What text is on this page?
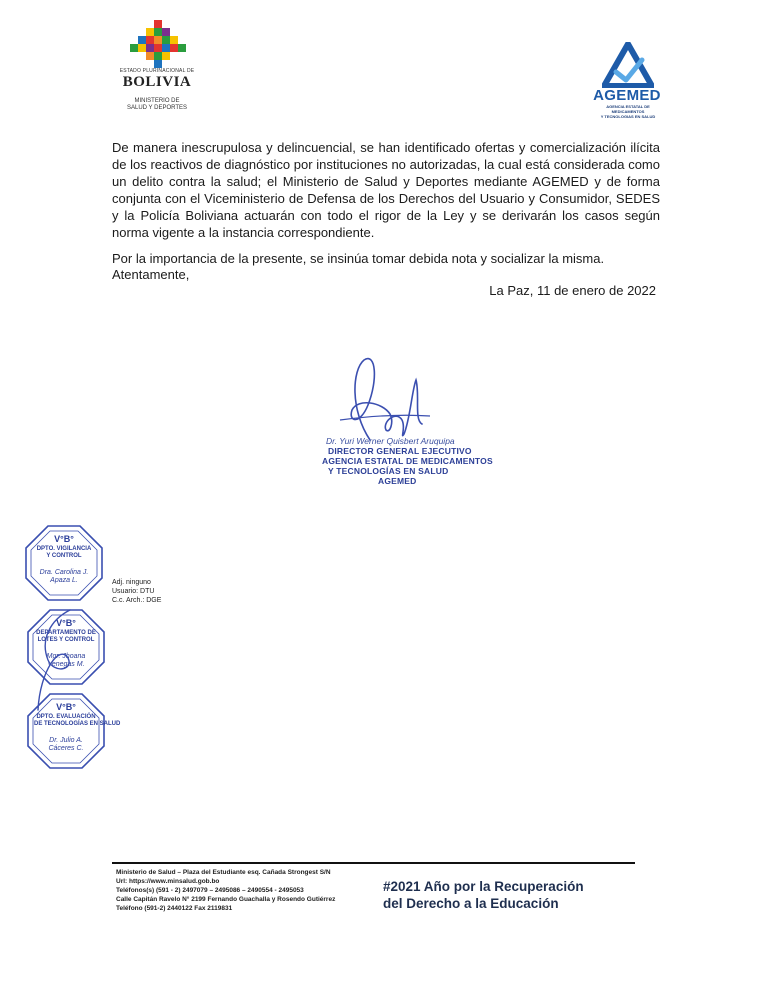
ESTADO PLURINACIONAL DE
BOLIVIA
MINISTERIO DE
SALUD Y DEPORTES
AGEMED
AGENCIA ESTATAL DE MEDICAMENTOS
Y TECNOLOGIAS EN SALUD
De manera inescrupulosa y delincuencial, se han identificado ofertas y comercialización ilícita de los reactivos de diagnóstico por instituciones no autorizadas, la cual está considerada como un delito contra la salud; el Ministerio de Salud y Deportes mediante AGEMED y de forma conjunta con el Viceministerio de Defensa de los Derechos del Usuario y Consumidor, SEDES y la Policía Boliviana actuarán con todo el rigor de la Ley y se derivarán los casos según norma vigente a la instancia correspondiente.
Por la importancia de la presente, se insinúa tomar debida nota y socializar la misma.
Atentamente,
La Paz, 11 de enero de 2022
Dr. Yuri Werner Quisbert Aruquipa
DIRECTOR GENERAL EJECUTIVO
AGENCIA ESTATAL DE MEDICAMENTOS
Y TECNOLOGÍAS EN SALUD
AGEMED
V°B°
DPTO. VIGILANCIA
Y CONTROL
Dra. Carolina J.
Apaza L.
V°B°
DEPARTAMENTO DE
LOTES Y CONTROL
Mgr. Jhoana
Venegas M.
V°B°
DPTO. EVALUACIÓN
DE TECNOLOGÍAS EN SALUD
Dr. Julio A.
Cáceres C.
Adj. ninguno
Usuario: DTU
C.c. Arch.: DGE
Ministerio de Salud – Plaza del Estudiante esq. Cañada Strongest S/N
Url: https://www.minsalud.gob.bo
Teléfonos(s) (591 - 2) 2497079 – 2495086 – 2490554 - 2495053
Calle Capitán Ravelo N° 2199 Fernando Guachalla y Rosendo Gutiérrez
Teléfono (591-2) 2440122 Fax 2119831
#2021 Año por la Recuperación
del Derecho a la Educación
